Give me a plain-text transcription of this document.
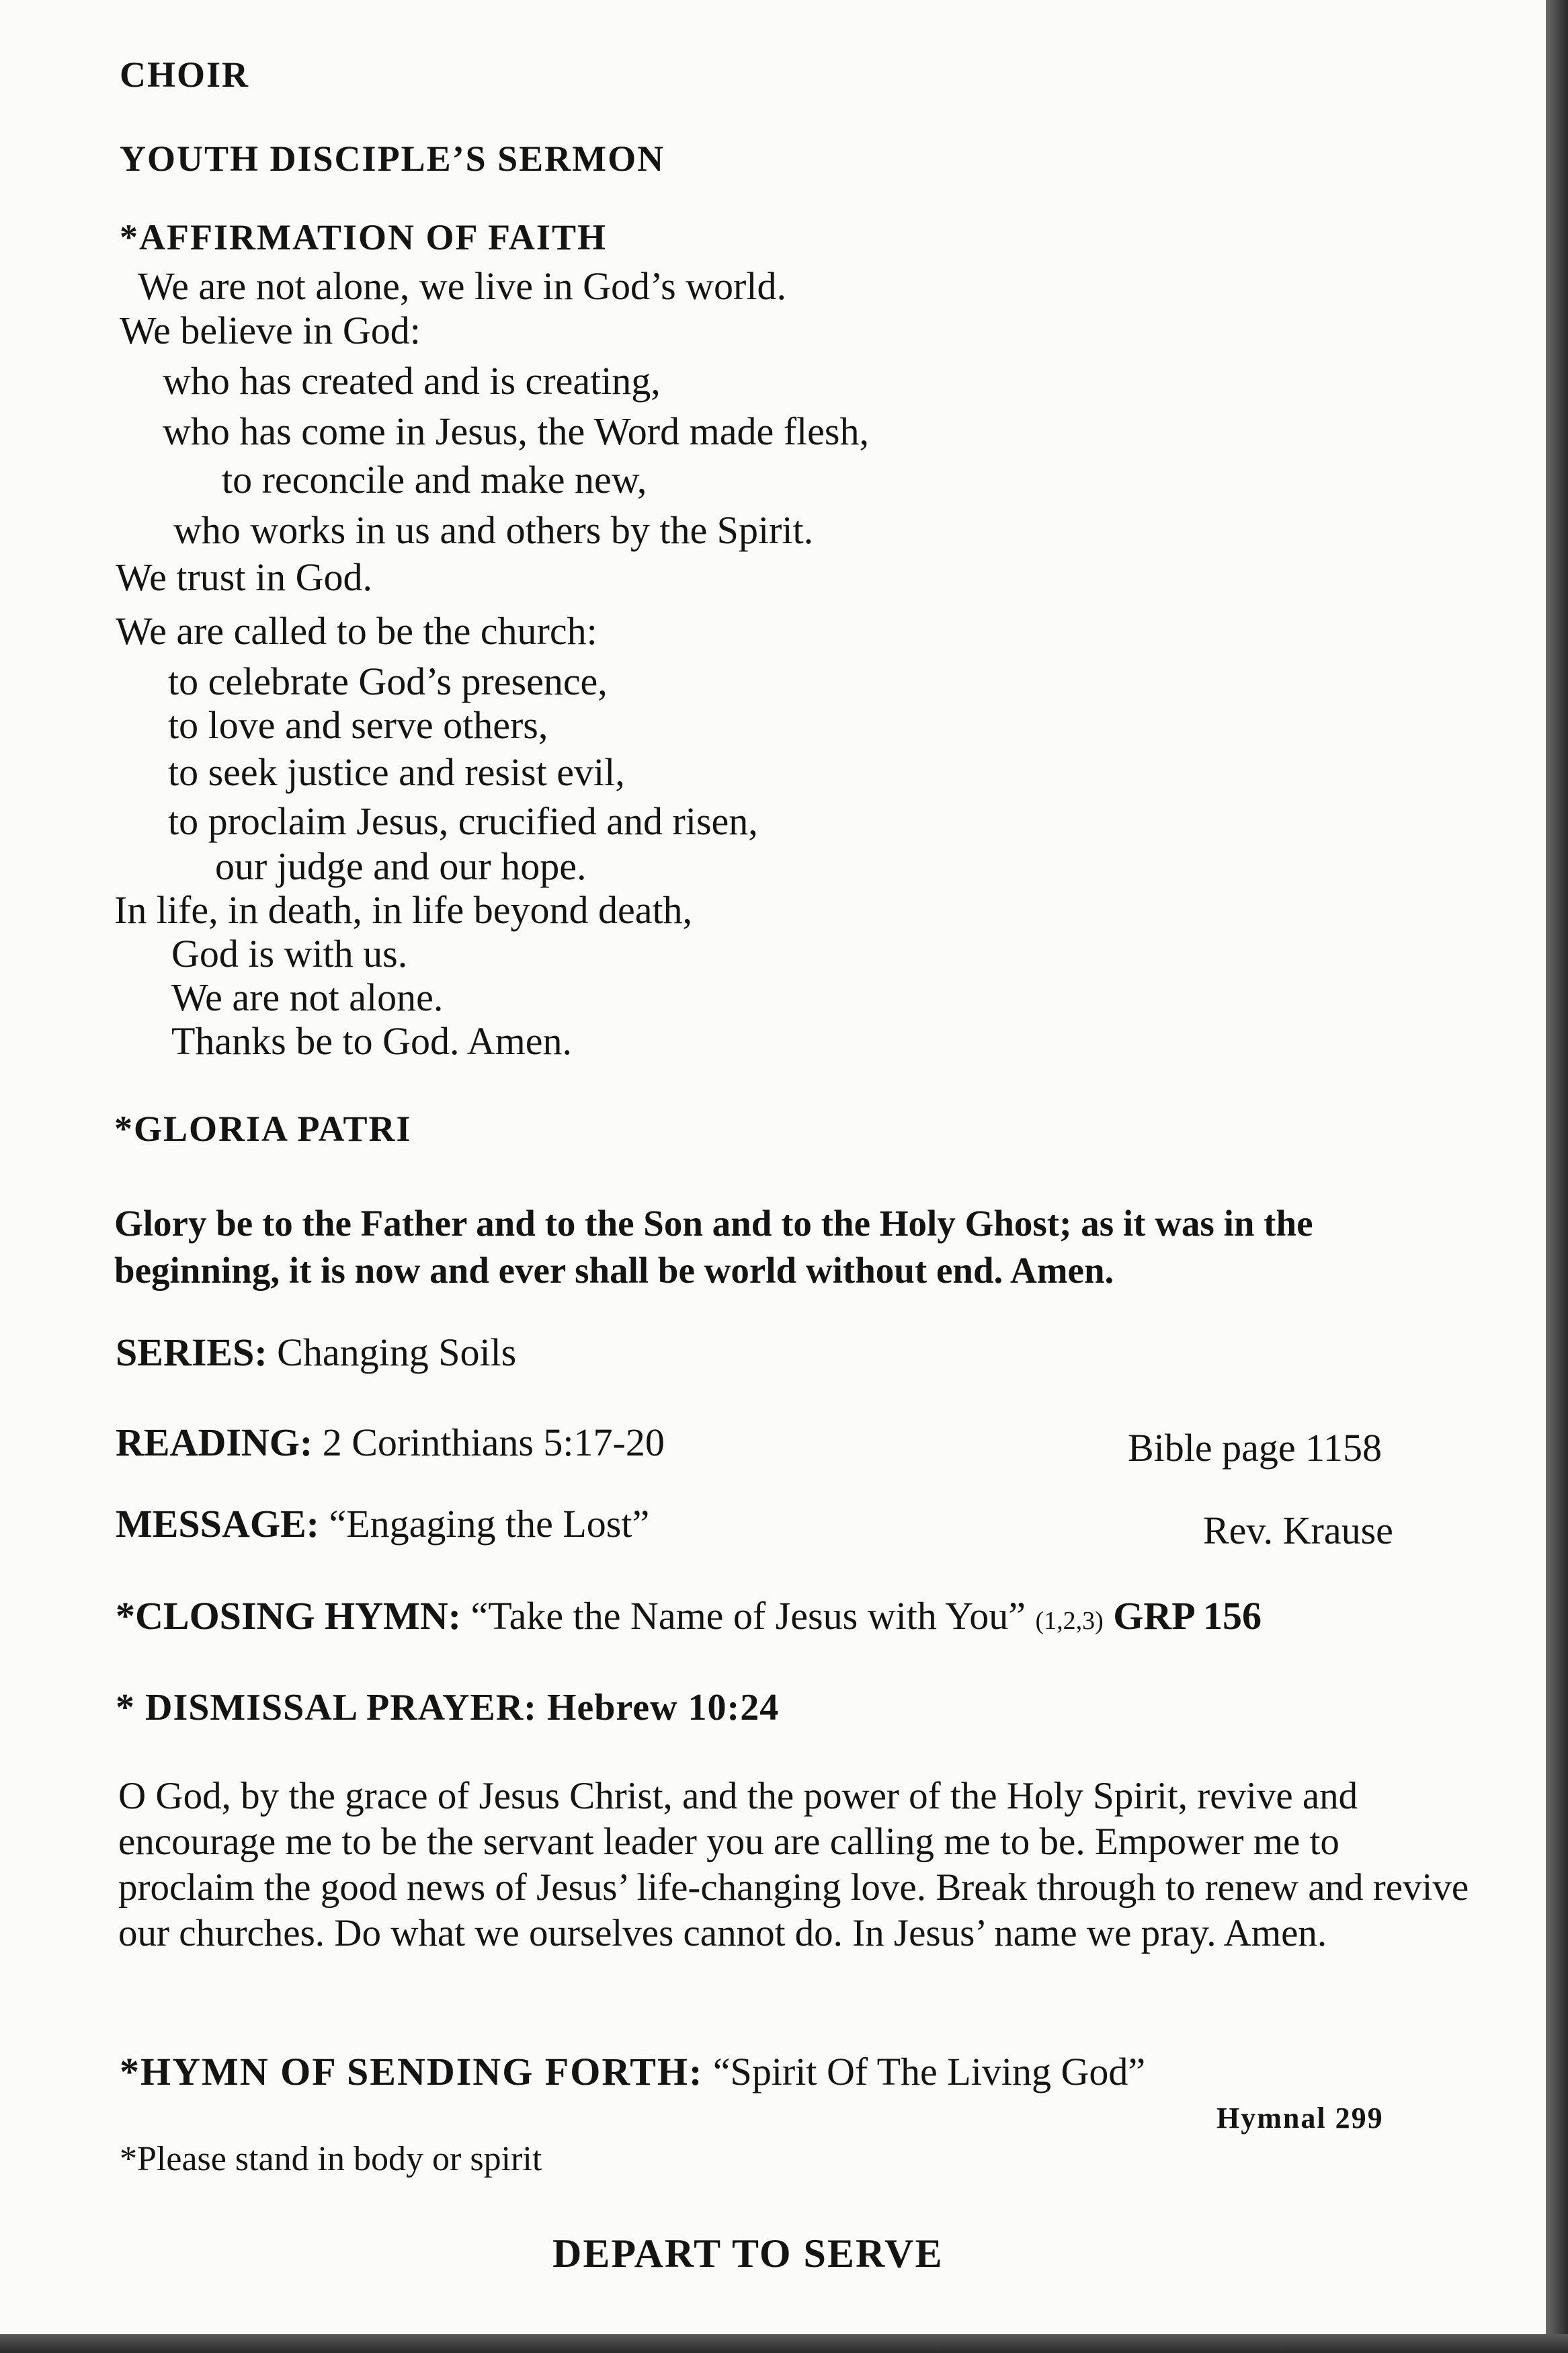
CHOIR
YOUTH DISCIPLE’S SERMON
*AFFIRMATION OF FAITH
We are not alone, we live in God’s world.
We believe in God:
who has created and is creating,
who has come in Jesus, the Word made flesh,
to reconcile and make new,
who works in us and others by the Spirit.
We trust in God.
We are called to be the church:
to celebrate God’s presence,
to love and serve others,
to seek justice and resist evil,
to proclaim Jesus, crucified and risen,
our judge and our hope.
In life, in death, in life beyond death,
God is with us.
We are not alone.
Thanks be to God. Amen.
*GLORIA PATRI
Glory be to the Father and to the Son and to the Holy Ghost; as it was in the beginning, it is now and ever shall be world without end. Amen.
SERIES: Changing Soils
READING: 2 Corinthians 5:17-20	Bible page 1158
MESSAGE: “Engaging the Lost”	Rev. Krause
*CLOSING HYMN: “Take the Name of Jesus with You” (1,2,3) GRP 156
* DISMISSAL PRAYER: Hebrew 10:24
O God, by the grace of Jesus Christ, and the power of the Holy Spirit, revive and encourage me to be the servant leader you are calling me to be. Empower me to proclaim the good news of Jesus’ life-changing love. Break through to renew and revive our churches. Do what we ourselves cannot do. In Jesus’ name we pray. Amen.
*HYMN OF SENDING FORTH: “Spirit Of The Living God”
Hymnal 299
*Please stand in body or spirit
DEPART TO SERVE
